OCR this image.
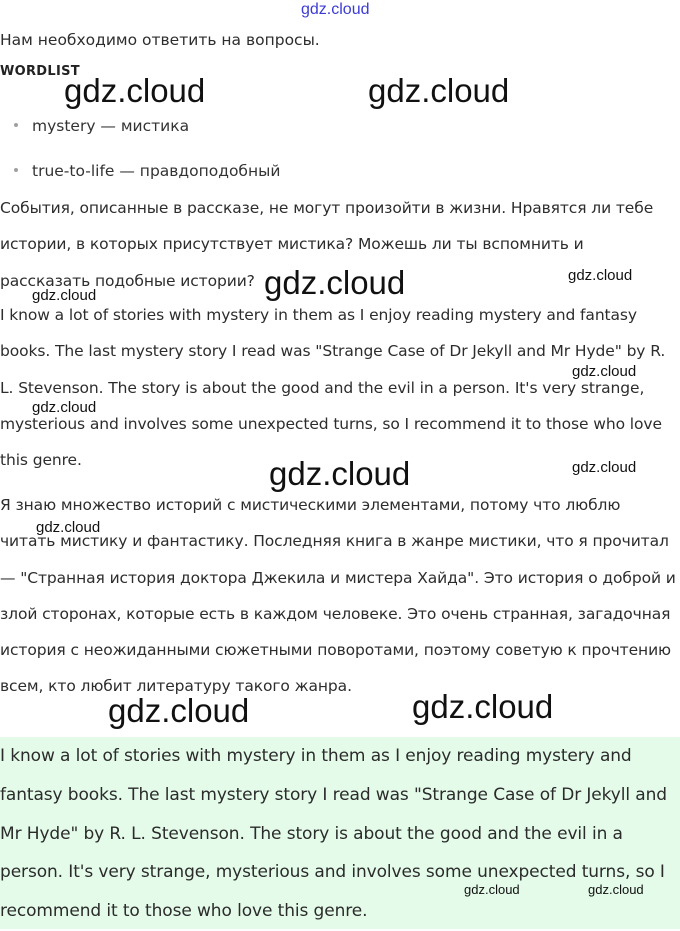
Нам необходимо ответить на вопросы.
WORDLIST
mystery — мистика
true-to-life — правдоподобный

События, описанные в рассказе, не могут произойти в жизни. Нравятся ли тебе истории, в которых присутствует мистика? Можешь ли ты вспомнить и рассказать подобные истории?

I know a lot of stories with mystery in them as I enjoy reading mystery and fantasy books. The last mystery story I read was "Strange Case of Dr Jekyll and Mr Hyde" by R. L. Stevenson. The story is about the good and the evil in a person. It's very strange, mysterious and involves some unexpected turns, so I recommend it to those who love this genre.

Я знаю множество историй с мистическими элементами, потому что люблю читать мистику и фантастику. Последняя книга в жанре мистики, что я прочитал — "Странная история доктора Джекила и мистера Хайда". Это история о доброй и злой сторонах, которые есть в каждом человеке. Это очень странная, загадочная история с неожиданными сюжетными поворотами, поэтому советую к прочтению всем, кто любит литературу такого жанра.

I know a lot of stories with mystery in them as I enjoy reading mystery and fantasy books. The last mystery story I read was "Strange Case of Dr Jekyll and Mr Hyde" by R. L. Stevenson. The story is about the good and the evil in a person. It's very strange, mysterious and involves some unexpected turns, so I recommend it to those who love this genre.

gdz.cloud
gdz.cloud	gdz.cloud
gdz.cloud	gdz.cloud
gdz.cloud
gdz.cloud
gdz.cloud
gdz.cloud	gdz.cloud
gdz.cloud
gdz.cloud	gdz.cloud
gdz.cloud	gdz.cloud
